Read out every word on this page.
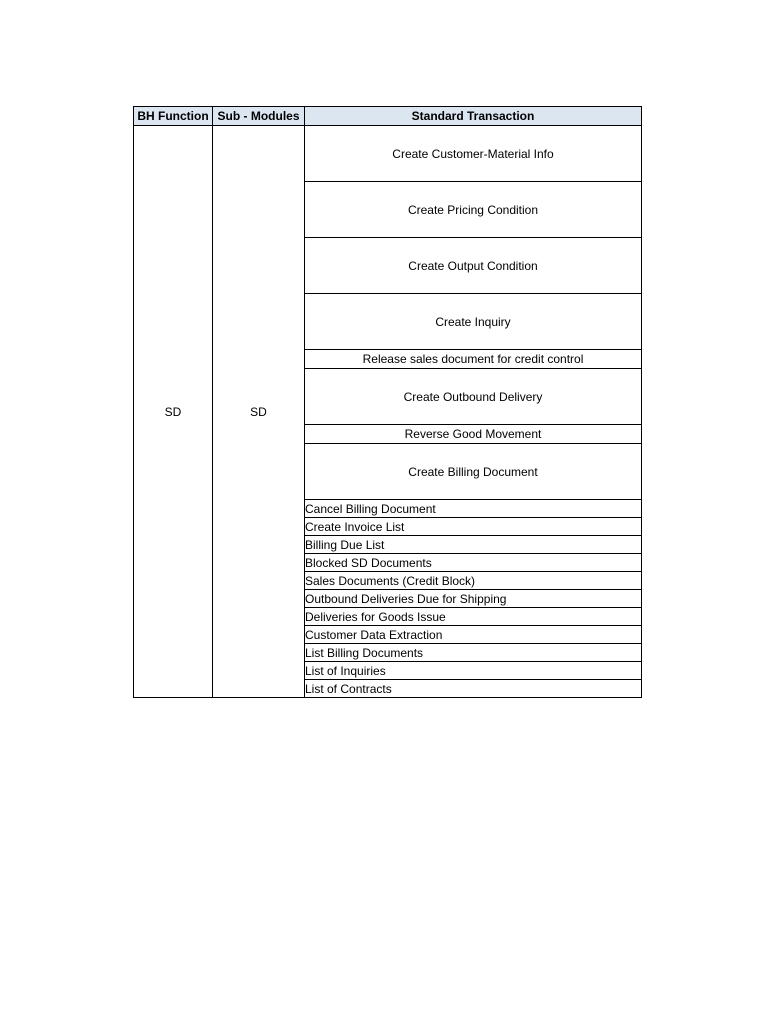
BH Function	Sub - Modules	Standard Transaction
SD	SD	Create Customer-Material Info
		Create Pricing Condition
		Create Output Condition
		Create Inquiry
		Release sales document for credit control
		Create Outbound Delivery
		Reverse Good Movement
		Create Billing Document
		Cancel Billing Document
		Create Invoice List
		Billing Due List
		Blocked SD Documents
		Sales Documents (Credit Block)
		Outbound Deliveries Due for Shipping
		Deliveries for Goods Issue
		Customer Data Extraction
		List Billing Documents
		List of Inquiries
		List of Contracts
